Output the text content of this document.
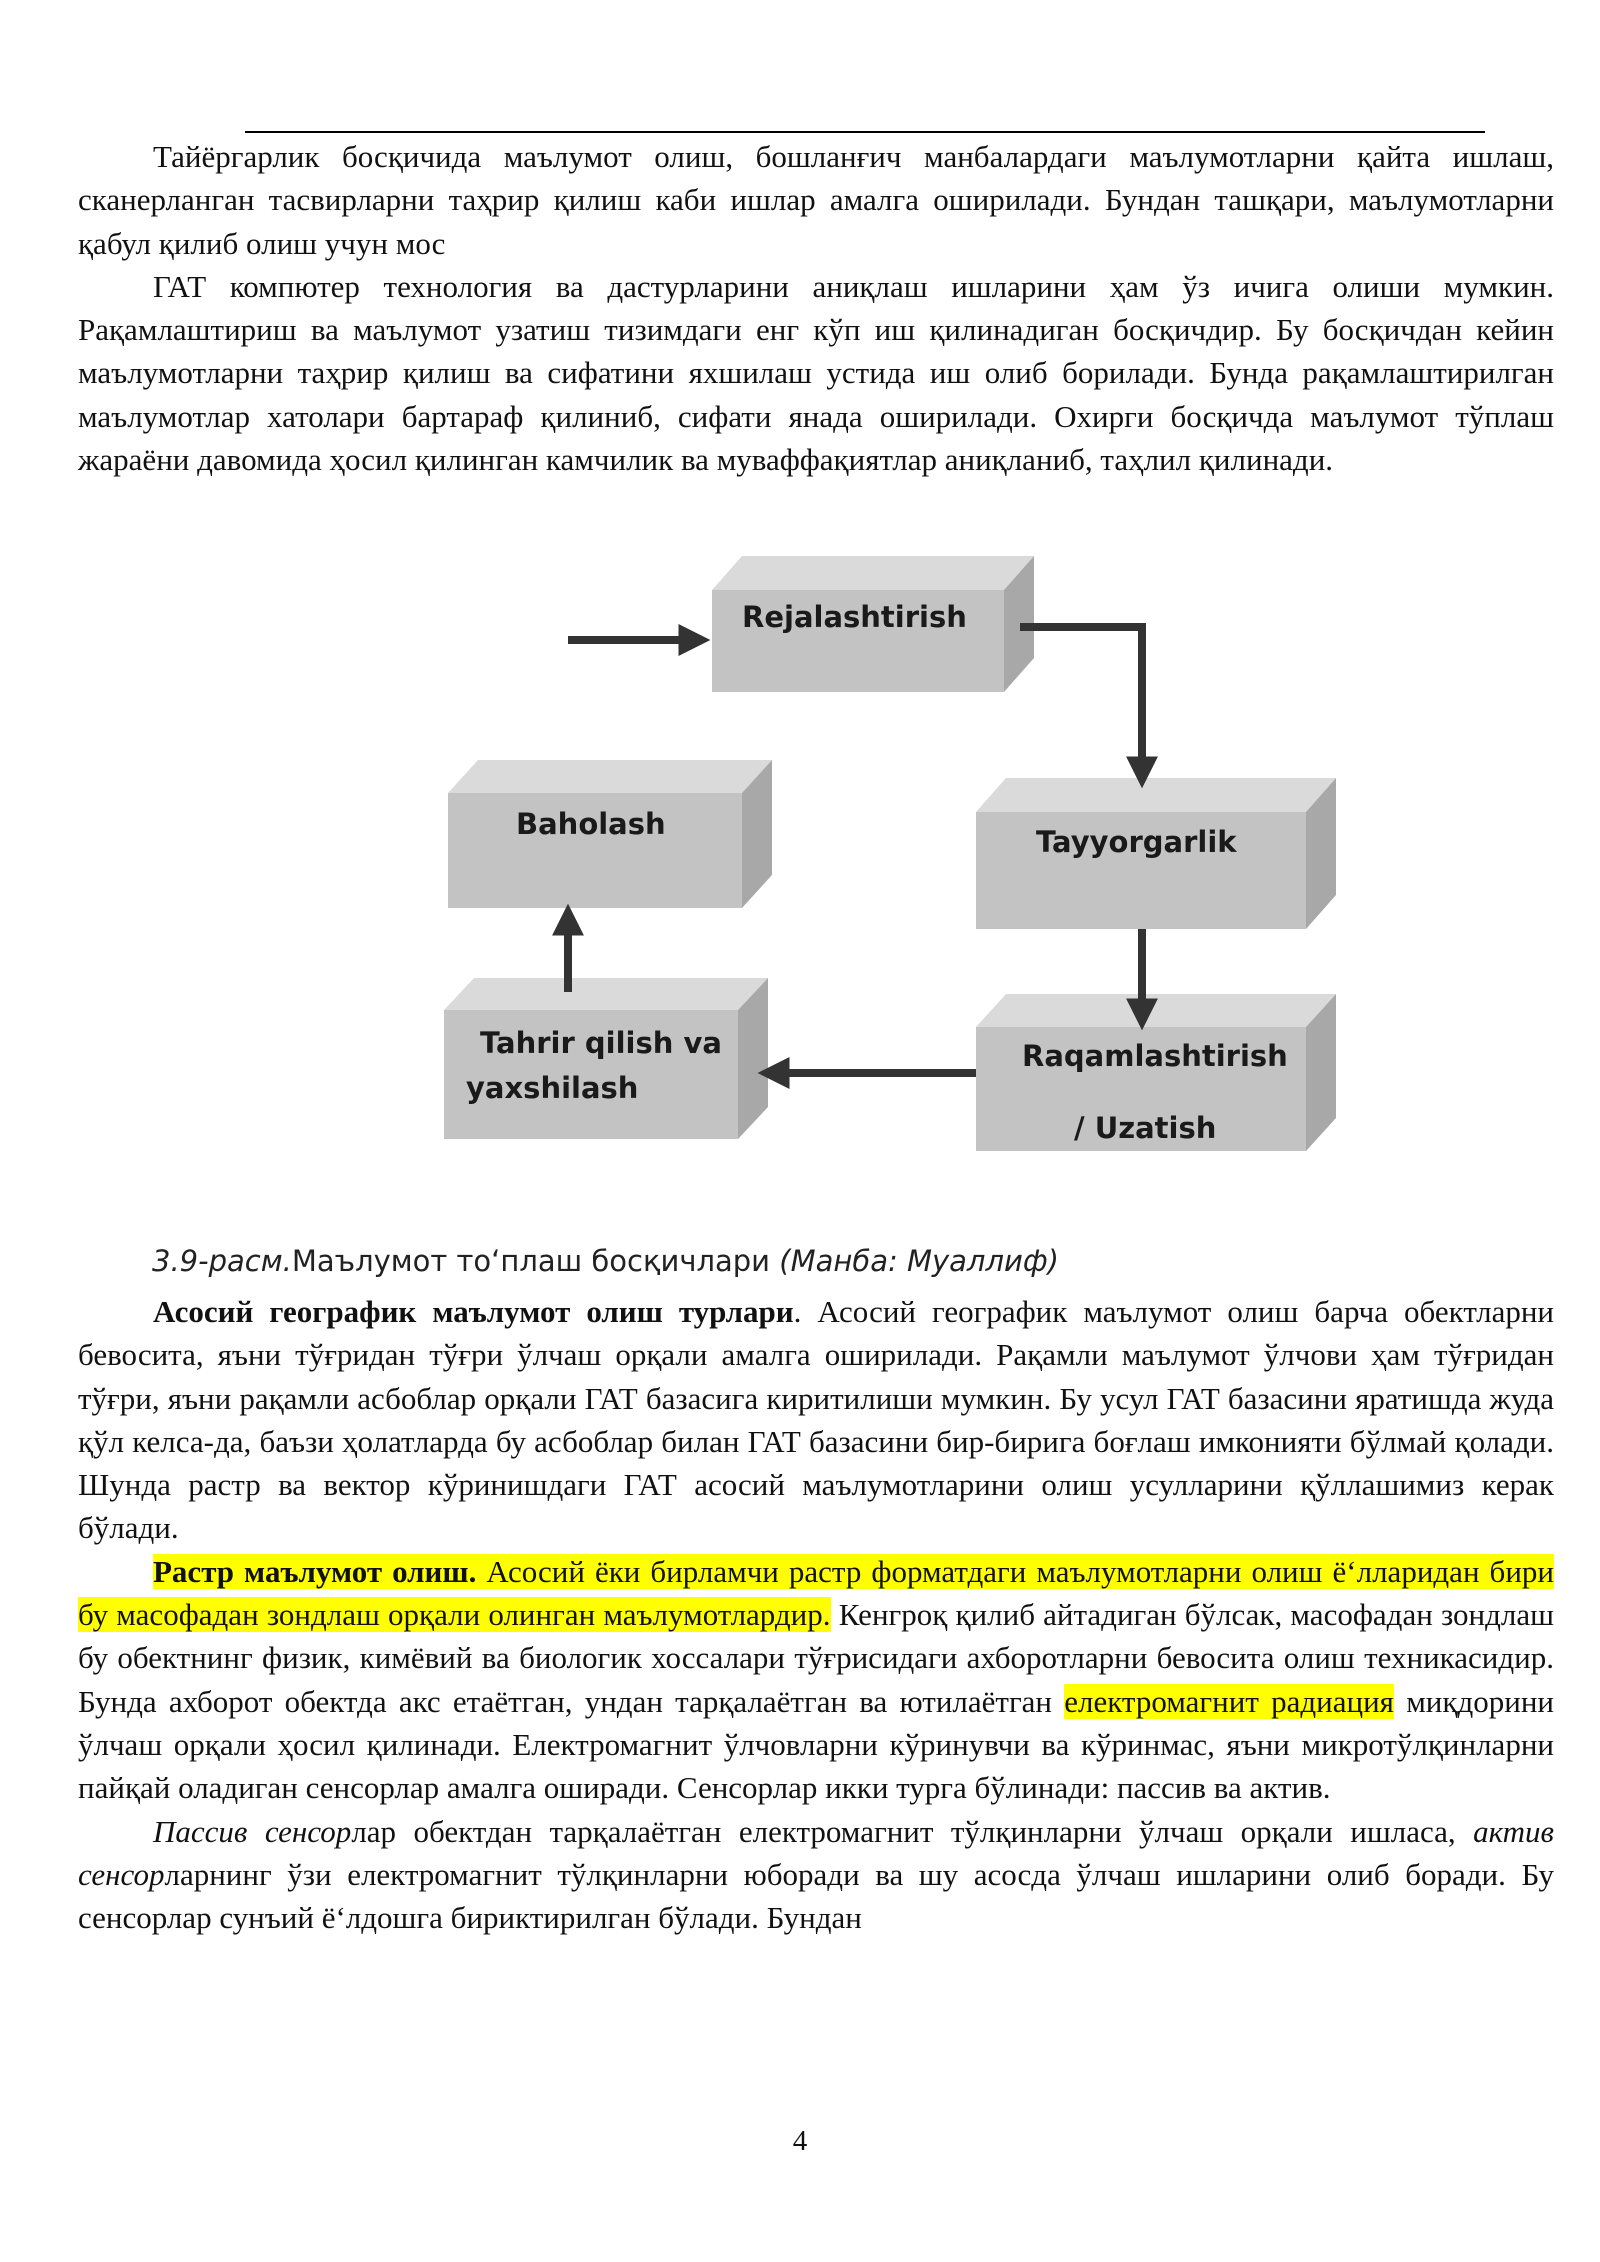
Тайёргарлик босқичида маълумот олиш, бошланғич манбалардаги маълумотларни қайта ишлаш, сканерланган тасвирларни таҳрир қилиш каби ишлар амалга оширилади. Бундан ташқари, маълумотларни қабул қилиб олиш учун мос

ГАТ компютер технология ва дастурларини аниқлаш ишларини ҳам ўз ичига олиши мумкин. Рақамлаштириш ва маълумот узатиш тизимдаги енг кўп иш қилинадиган босқичдир. Бу босқичдан кейин маълумотларни таҳрир қилиш ва сифатини яхшилаш устида иш олиб борилади. Бунда рақамлаштирилган маълумотлар хатолари бартараф қилиниб, сифати янада оширилади. Охирги босқичда маълумот тўплаш жараёни давомида ҳосил қилинган камчилик ва муваффақиятлар аниқланиб, таҳлил қилинади.

Rejalashtirish
Baholash
Tayyorgarlik
Tahrir qilish va
yaxshilash
Raqamlashtirish
/ Uzatish
3.9-расм.Маълумот тоʻплаш босқичлари (Манба: Муаллиф)

Асосий географик маълумот олиш турлари. Асосий географик маълумот олиш барча обектларни бевосита, яъни тўғридан тўғри ўлчаш орқали амалга оширилади. Рақамли маълумот ўлчови ҳам тўғридан тўғри, яъни рақамли асбоблар орқали ГАТ базасига киритилиши мумкин. Бу усул ГАТ базасини яратишда жуда қўл келса-да, баъзи ҳолатларда бу асбоблар билан ГАТ базасини бир-бирига боғлаш имконияти бўлмай қолади. Шунда растр ва вектор кўринишдаги ГАТ асосий маълумотларини олиш усулларини қўллашимиз керак бўлади.

Растр маълумот олиш. Асосий ёки бирламчи растр форматдаги маълумотларни олиш ёʻлларидан бири бу масофадан зондлаш орқали олинган маълумотлардир. Кенгроқ қилиб айтадиган бўлсак, масофадан зондлаш бу обектнинг физик, кимёвий ва биологик хоссалари тўғрисидаги ахборотларни бевосита олиш техникасидир. Бунда ахборот обектда акс етаётган, ундан тарқалаётган ва ютилаётган електромагнит радиация миқдорини ўлчаш орқали ҳосил қилинади. Електромагнит ўлчовларни кўринувчи ва кўринмас, яъни микротўлқинларни пайқай оладиган сенсорлар амалга оширади. Сенсорлар икки турга бўлинади: пассив ва актив.

Пассив сенсорлар обектдан тарқалаётган електромагнит тўлқинларни ўлчаш орқали ишласа, актив сенсорларнинг ўзи електромагнит тўлқинларни юборади ва шу асосда ўлчаш ишларини олиб боради. Бу сенсорлар сунъий ёʻлдошга бириктирилган бўлади. Бундан

4
